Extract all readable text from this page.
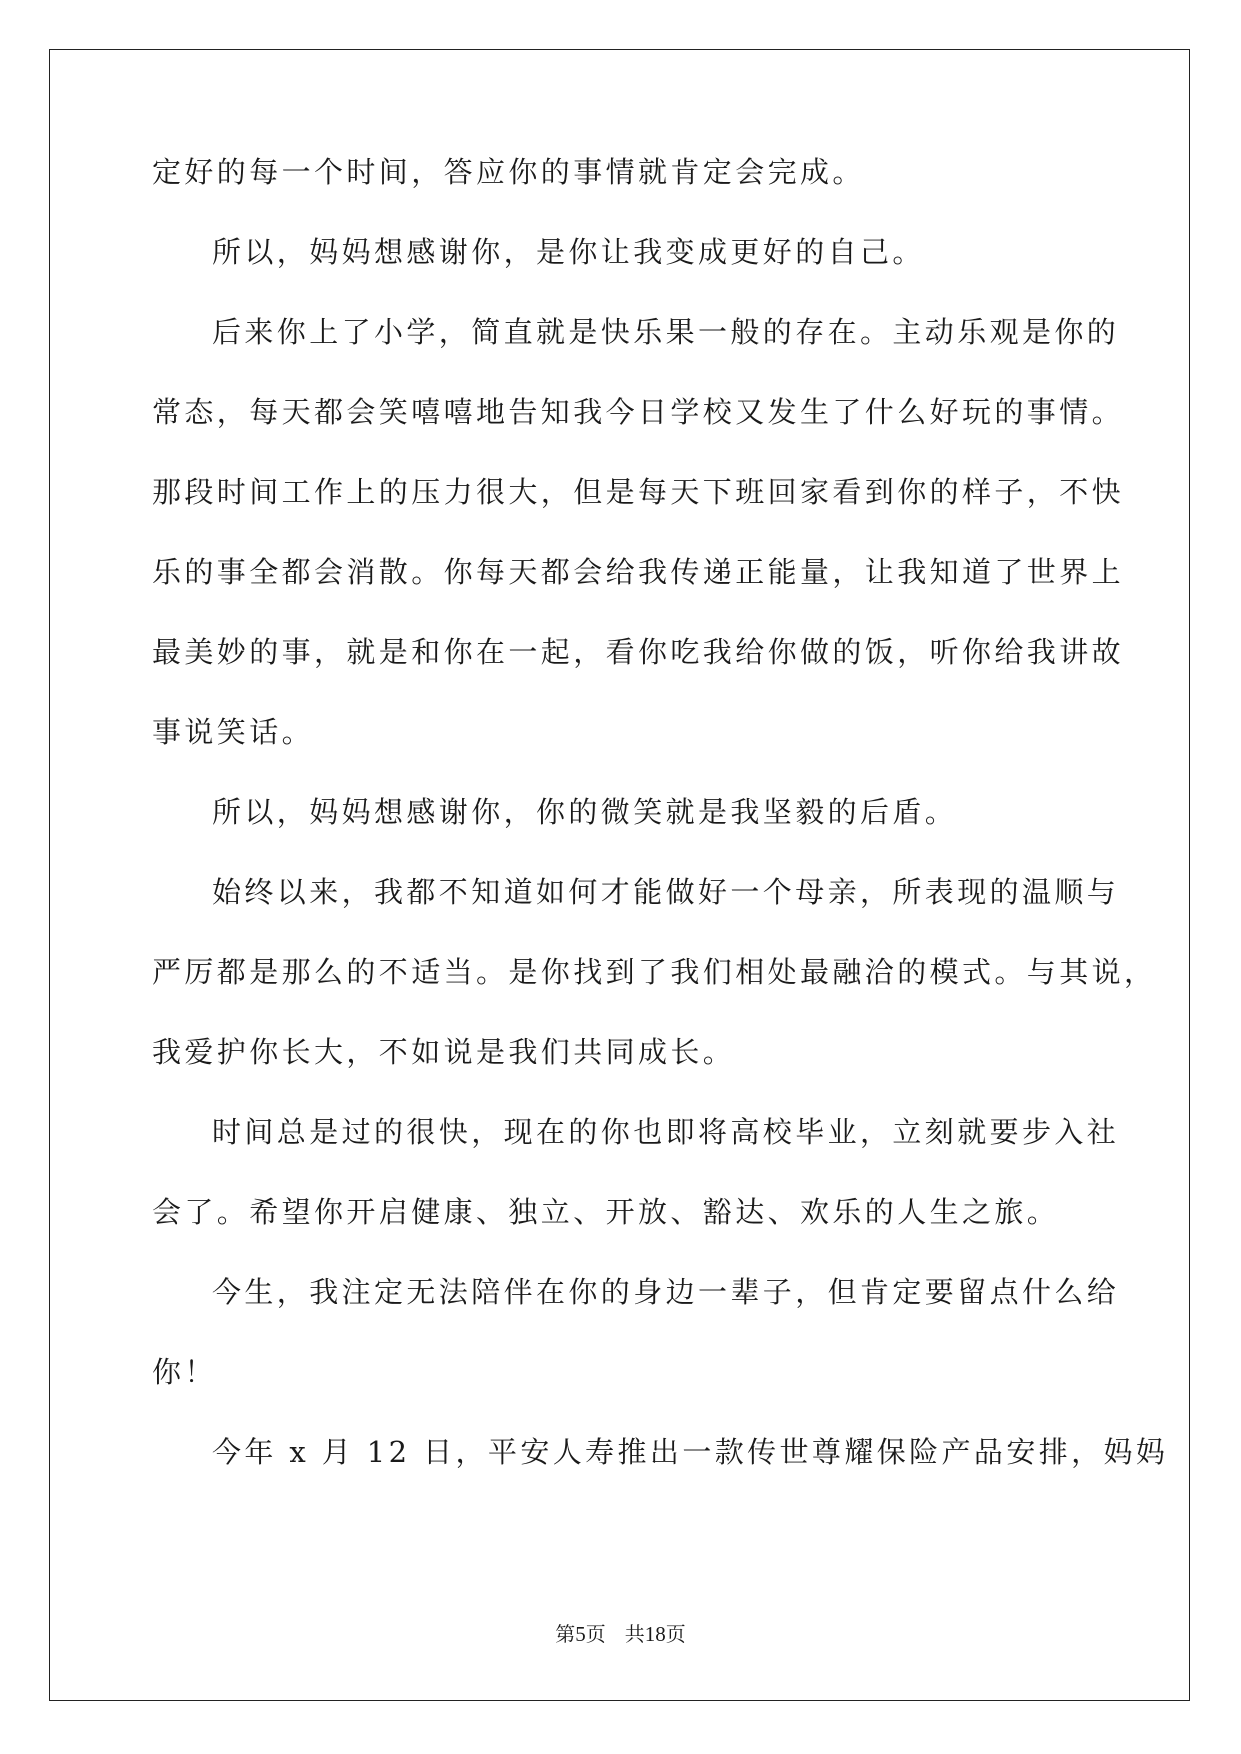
定好的每一个时间，答应你的事情就肯定会完成。
所以，妈妈想感谢你，是你让我变成更好的自己。
后来你上了小学，简直就是快乐果一般的存在。主动乐观是你的
常态，每天都会笑嘻嘻地告知我今日学校又发生了什么好玩的事情。
那段时间工作上的压力很大，但是每天下班回家看到你的样子，不快
乐的事全都会消散。你每天都会给我传递正能量，让我知道了世界上
最美妙的事，就是和你在一起，看你吃我给你做的饭，听你给我讲故
事说笑话。
所以，妈妈想感谢你，你的微笑就是我坚毅的后盾。
始终以来，我都不知道如何才能做好一个母亲，所表现的温顺与
严厉都是那么的不适当。是你找到了我们相处最融洽的模式。与其说，
我爱护你长大，不如说是我们共同成长。
时间总是过的很快，现在的你也即将高校毕业，立刻就要步入社
会了。希望你开启健康、独立、开放、豁达、欢乐的人生之旅。
今生，我注定无法陪伴在你的身边一辈子，但肯定要留点什么给
你！
今年 x 月 12 日，平安人寿推出一款传世尊耀保险产品安排，妈妈
第5页 共18页
